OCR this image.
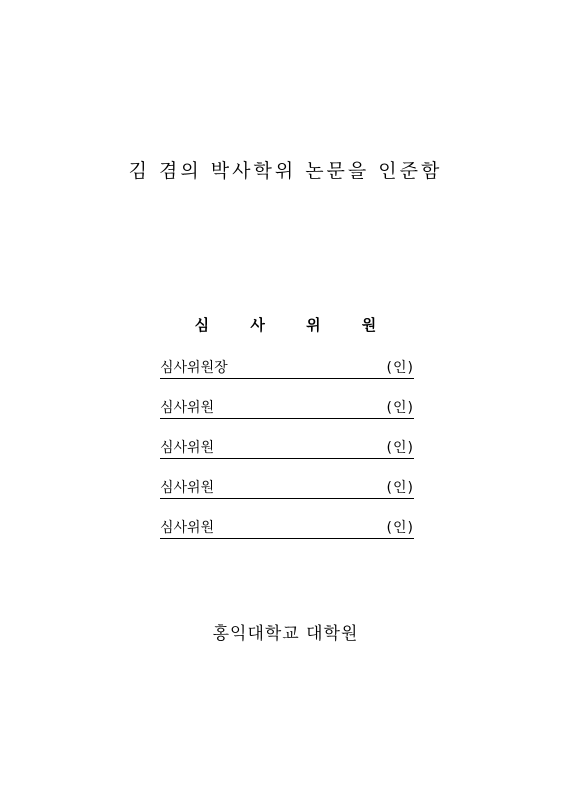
김 겸의 박사학위 논문을 인준함
심 사 위 원
심사위원장	(인)
심사위원	(인)
심사위원	(인)
심사위원	(인)
심사위원	(인)
홍익대학교 대학원
